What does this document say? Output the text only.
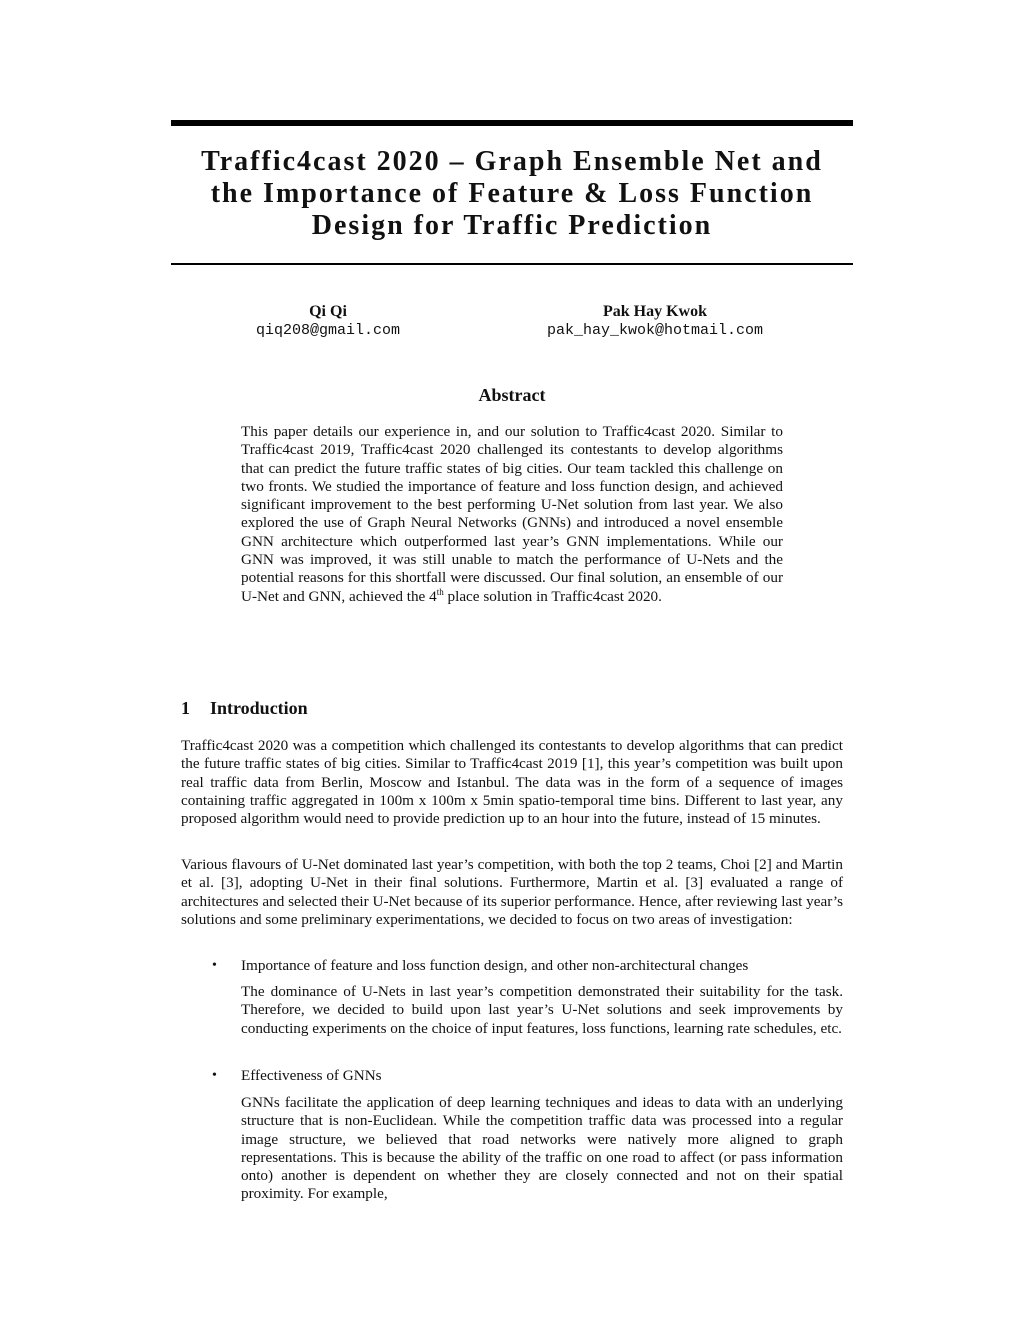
Traffic4cast 2020 – Graph Ensemble Net and
the Importance of Feature & Loss Function
Design for Traffic Prediction
Qi Qi
qiq208@gmail.com
Pak Hay Kwok
pak_hay_kwok@hotmail.com
Abstract

This paper details our experience in, and our solution to Traffic4cast 2020. Similar to Traffic4cast 2019, Traffic4cast 2020 challenged its contestants to develop algorithms that can predict the future traffic states of big cities. Our team tackled this challenge on two fronts. We studied the importance of feature and loss function design, and achieved significant improvement to the best performing U-Net solution from last year. We also explored the use of Graph Neural Networks (GNNs) and introduced a novel ensemble GNN architecture which outperformed last year’s GNN implementations. While our GNN was improved, it was still unable to match the performance of U-Nets and the potential reasons for this shortfall were discussed. Our final solution, an ensemble of our U-Net and GNN, achieved the 4th place solution in Traffic4cast 2020.

1 Introduction

Traffic4cast 2020 was a competition which challenged its contestants to develop algorithms that can predict the future traffic states of big cities. Similar to Traffic4cast 2019 [1], this year’s competition was built upon real traffic data from Berlin, Moscow and Istanbul. The data was in the form of a sequence of images containing traffic aggregated in 100m x 100m x 5min spatio-temporal time bins. Different to last year, any proposed algorithm would need to provide prediction up to an hour into the future, instead of 15 minutes.

Various flavours of U-Net dominated last year’s competition, with both the top 2 teams, Choi [2] and Martin et al. [3], adopting U-Net in their final solutions. Furthermore, Martin et al. [3] evaluated a range of architectures and selected their U-Net because of its superior performance. Hence, after reviewing last year’s solutions and some preliminary experimentations, we decided to focus on two areas of investigation:

• Importance of feature and loss function design, and other non-architectural changes

The dominance of U-Nets in last year’s competition demonstrated their suitability for the task. Therefore, we decided to build upon last year’s U-Net solutions and seek improvements by conducting experiments on the choice of input features, loss functions, learning rate schedules, etc.

• Effectiveness of GNNs

GNNs facilitate the application of deep learning techniques and ideas to data with an underlying structure that is non-Euclidean. While the competition traffic data was processed into a regular image structure, we believed that road networks were natively more aligned to graph representations. This is because the ability of the traffic on one road to affect (or pass information onto) another is dependent on whether they are closely connected and not on their spatial proximity. For example,
